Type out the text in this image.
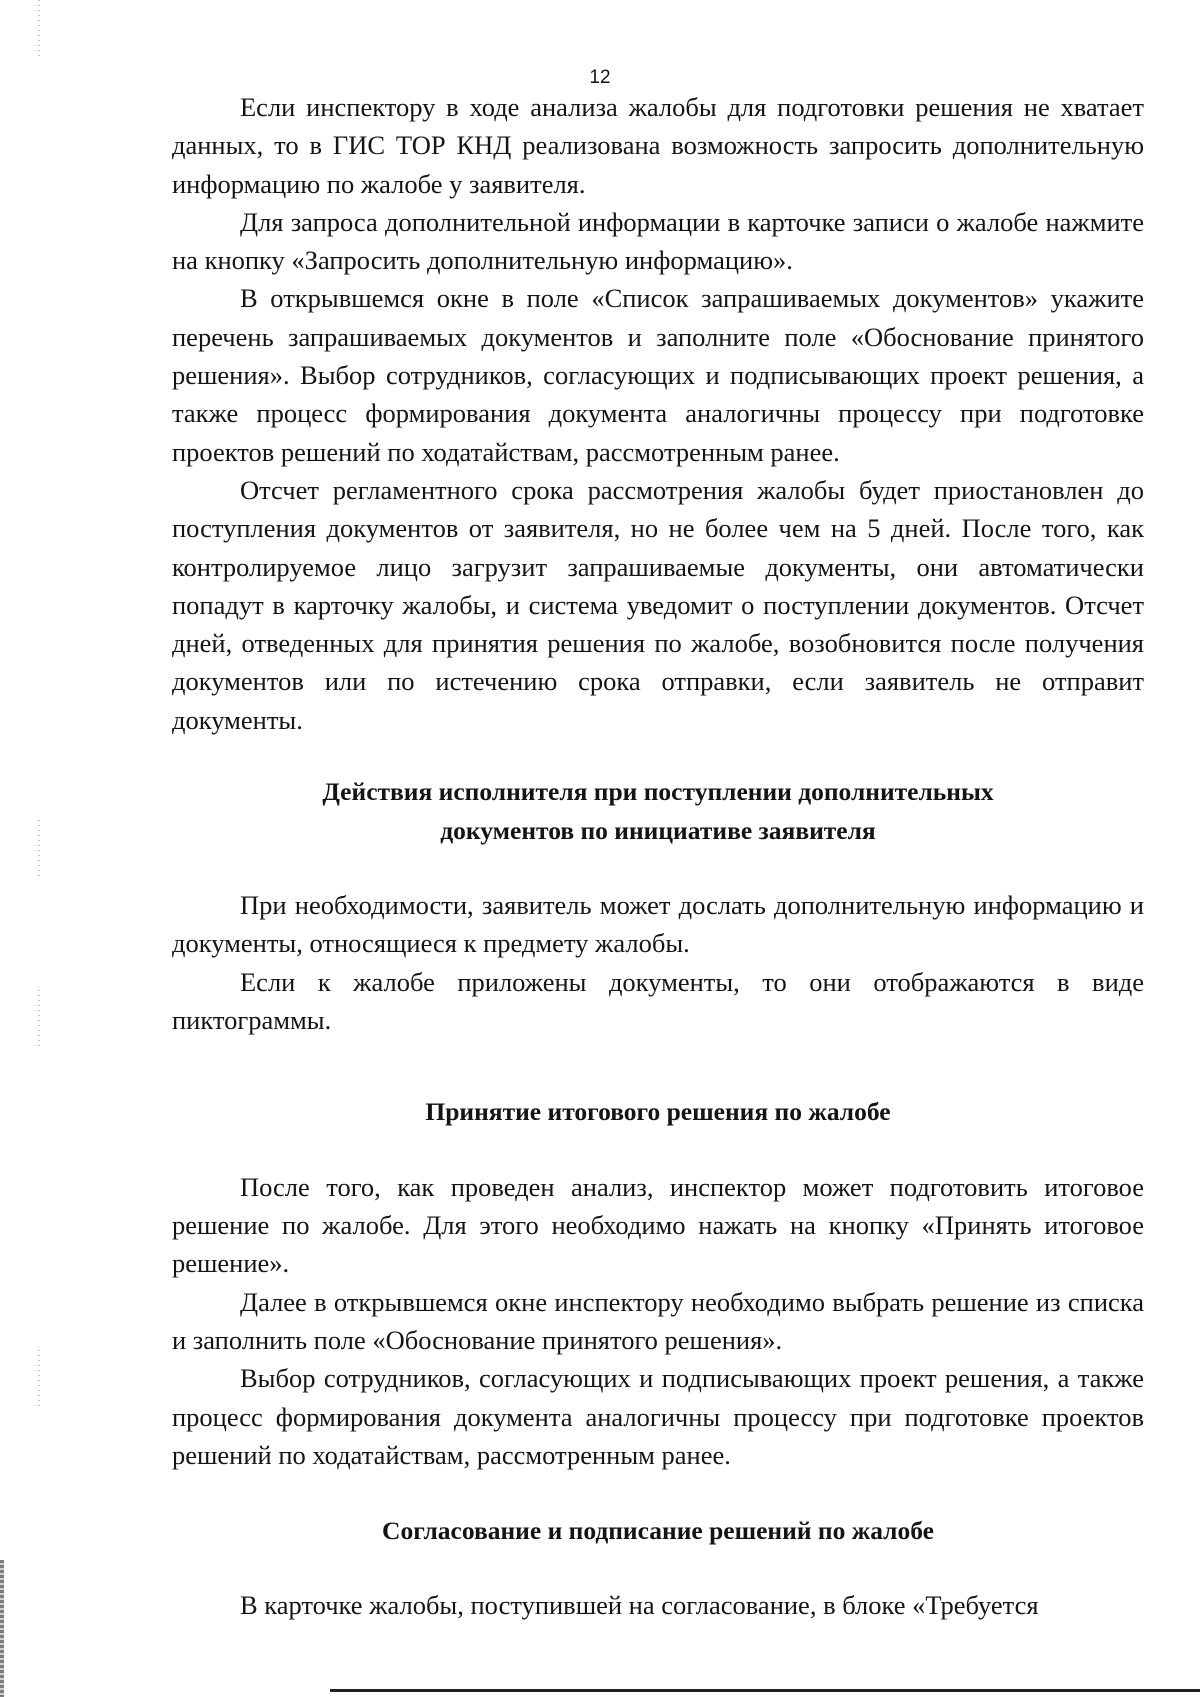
12

Если инспектору в ходе анализа жалобы для подготовки решения не хватает данных, то в ГИС ТОР КНД реализована возможность запросить дополнительную информацию по жалобе у заявителя.

Для запроса дополнительной информации в карточке записи о жалобе нажмите на кнопку «Запросить дополнительную информацию».

В открывшемся окне в поле «Список запрашиваемых документов» укажите перечень запрашиваемых документов и заполните поле «Обоснование принятого решения». Выбор сотрудников, согласующих и подписывающих проект решения, а также процесс формирования документа аналогичны процессу при подготовке проектов решений по ходатайствам, рассмотренным ранее.

Отсчет регламентного срока рассмотрения жалобы будет приостановлен до поступления документов от заявителя, но не более чем на 5 дней. После того, как контролируемое лицо загрузит запрашиваемые документы, они автоматически попадут в карточку жалобы, и система уведомит о поступлении документов. Отсчет дней, отведенных для принятия решения по жалобе, возобновится после получения документов или по истечению срока отправки, если заявитель не отправит документы.

Действия исполнителя при поступлении дополнительных
документов по инициативе заявителя

При необходимости, заявитель может дослать дополнительную информацию и документы, относящиеся к предмету жалобы.

Если к жалобе приложены документы, то они отображаются в виде пиктограммы.

Принятие итогового решения по жалобе

После того, как проведен анализ, инспектор может подготовить итоговое решение по жалобе. Для этого необходимо нажать на кнопку «Принять итоговое решение».

Далее в открывшемся окне инспектору необходимо выбрать решение из списка и заполнить поле «Обоснование принятого решения».

Выбор сотрудников, согласующих и подписывающих проект решения, а также процесс формирования документа аналогичны процессу при подготовке проектов решений по ходатайствам, рассмотренным ранее.

Согласование и подписание решений по жалобе

В карточке жалобы, поступившей на согласование, в блоке «Требуется
